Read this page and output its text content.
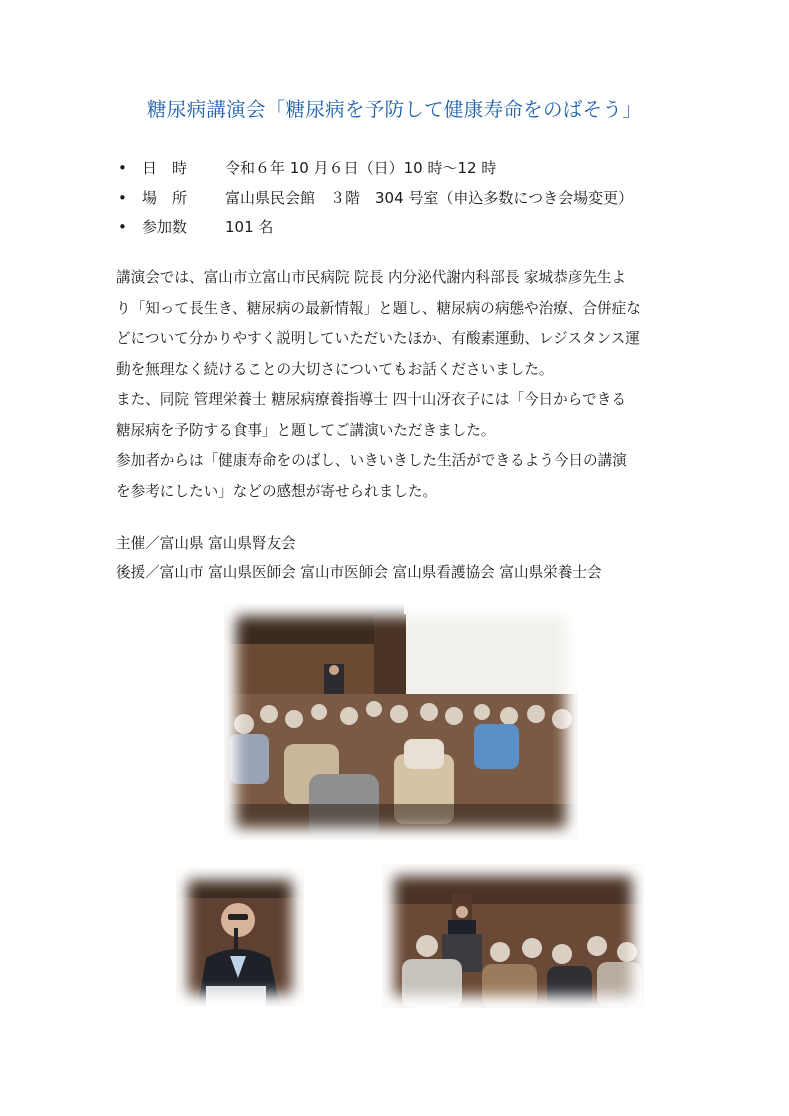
糖尿病講演会「糖尿病を予防して健康寿命をのばそう」
•日　時	令和６年 10 月６日（日）10 時～12 時
•場　所	富山県民会館　３階　304 号室（申込多数につき会場変更）
•参加数	101 名
講演会では、富山市立富山市民病院 院長 内分泌代謝内科部長 家城恭彦先生よ
り「知って長生き、糖尿病の最新情報」と題し、糖尿病の病態や治療、合併症な
どについて分かりやすく説明していただいたほか、有酸素運動、レジスタンス運
動を無理なく続けることの大切さについてもお話くださいました。
また、同院 管理栄養士 糖尿病療養指導士 四十山冴衣子には「今日からできる
糖尿病を予防する食事」と題してご講演いただきました。
参加者からは「健康寿命をのばし、いきいきした生活ができるよう今日の講演
を参考にしたい」などの感想が寄せられました。
主催／富山県 富山県腎友会
後援／富山市 富山県医師会 富山市医師会 富山県看護協会 富山県栄養士会
